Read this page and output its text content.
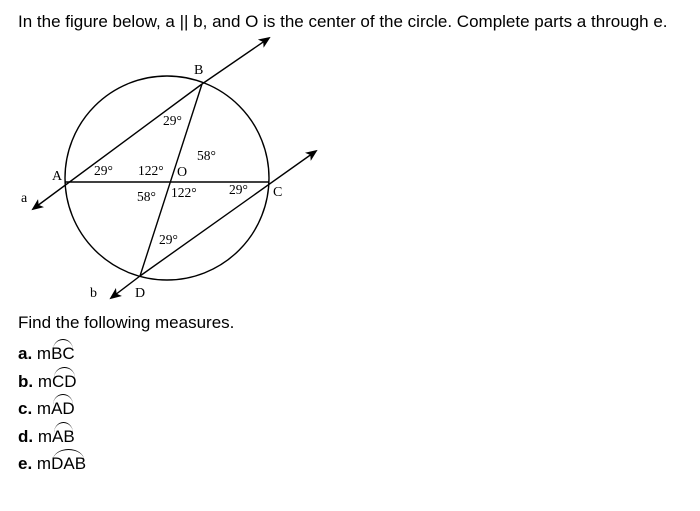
In the figure below, a || b, and O is the center of the circle. Complete parts a through e.
B
A	O
C
D
a
b
29°
29° 122°
58°
58° 122° 29°
29°
Find the following measures.
a. mBC
b. mCD
c. mAD
d. mAB
e. mDAB
